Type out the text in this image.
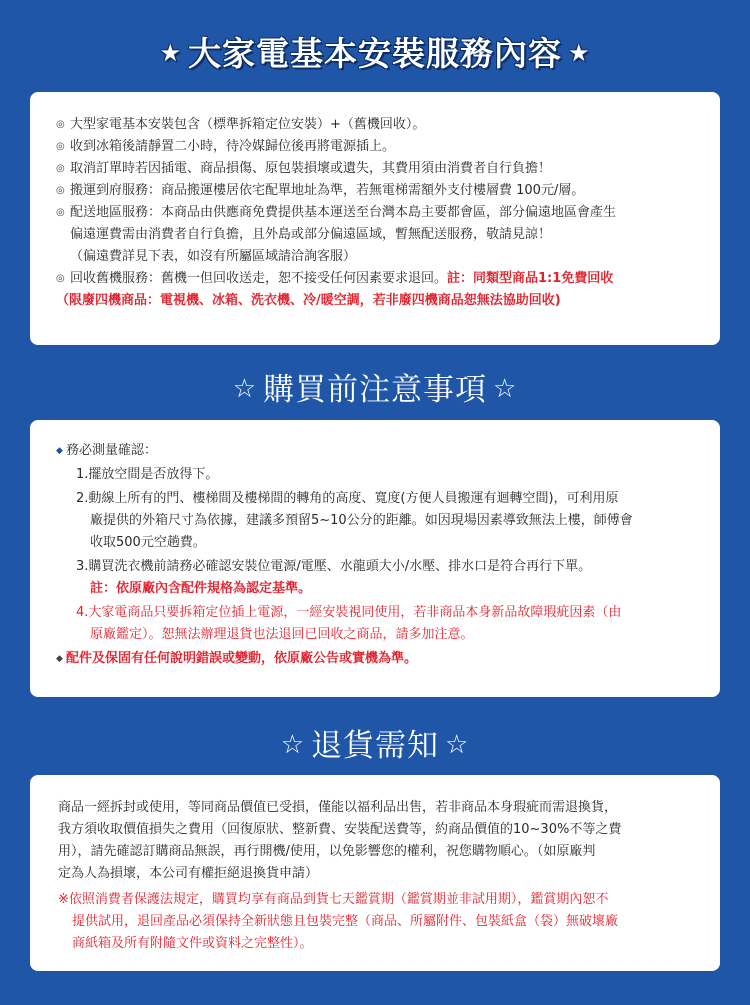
★ 大家電基本安裝服務內容 ★

◎ 大型家電基本安裝包含（標準拆箱定位安裝）+（舊機回收）。

◎ 收到冰箱後請靜置二小時，待冷媒歸位後再將電源插上。

◎ 取消訂單時若因插電、商品損傷、原包裝損壞或遺失，其費用須由消費者自行負擔！

◎ 搬運到府服務：商品搬運樓居依宅配單地址為準，若無電梯需額外支付樓層費 100元/層。

◎ 配送地區服務：本商品由供應商免費提供基本運送至台灣本島主要都會區，部分偏遠地區會產生

偏遠運費需由消費者自行負擔，且外島或部分偏遠區域，暫無配送服務，敬請見諒！

（偏遠費詳見下表，如沒有所屬區域請洽詢客服）

◎ 回收舊機服務：舊機一但回收送走，恕不接受任何因素要求退回。註：同類型商品1:1免費回收

（限廢四機商品：電視機、冰箱、洗衣機、冷/暖空調，若非廢四機商品恕無法協助回收)

☆ 購買前注意事項 ☆

◆ 務必測量確認：

1.擺放空間是否放得下。

2.動線上所有的門、樓梯間及樓梯間的轉角的高度、寬度(方便人員搬運有迴轉空間)，可利用原
廠提供的外箱尺寸為依據，建議多預留5~10公分的距離。如因現場因素導致無法上樓，師傅會
收取500元空趟費。

3.購買洗衣機前請務必確認安裝位電源/電壓、水龍頭大小/水壓、排水口是符合再行下單。

註：依原廠內含配件規格為認定基準。

4.大家電商品只要拆箱定位插上電源，一經安裝視同使用，若非商品本身新品故障瑕疵因素（由
原廠鑑定）。恕無法辦理退貨也法退回已回收之商品，請多加注意。

◆ 配件及保固有任何說明錯誤或變動，依原廠公告或實機為準。

☆ 退貨需知 ☆

商品一經拆封或使用，等同商品價值已受損，僅能以福利品出售，若非商品本身瑕疵而需退換貨，

我方須收取價值損失之費用（回復原狀、整新費、安裝配送費等，約商品價值的10~30%不等之費

用），請先確認訂購商品無誤，再行開機/使用，以免影響您的權利，祝您購物順心。（如原廠判

定為人為損壞，本公司有權拒絕退換貨申請）

※依照消費者保護法規定，購買均享有商品到貨七天鑑賞期（鑑賞期並非試用期），鑑賞期內恕不
提供試用，退回產品必須保持全新狀態且包裝完整（商品、所屬附件、包裝紙盒（袋）無破壞廠
商紙箱及所有附隨文件或資料之完整性）。
